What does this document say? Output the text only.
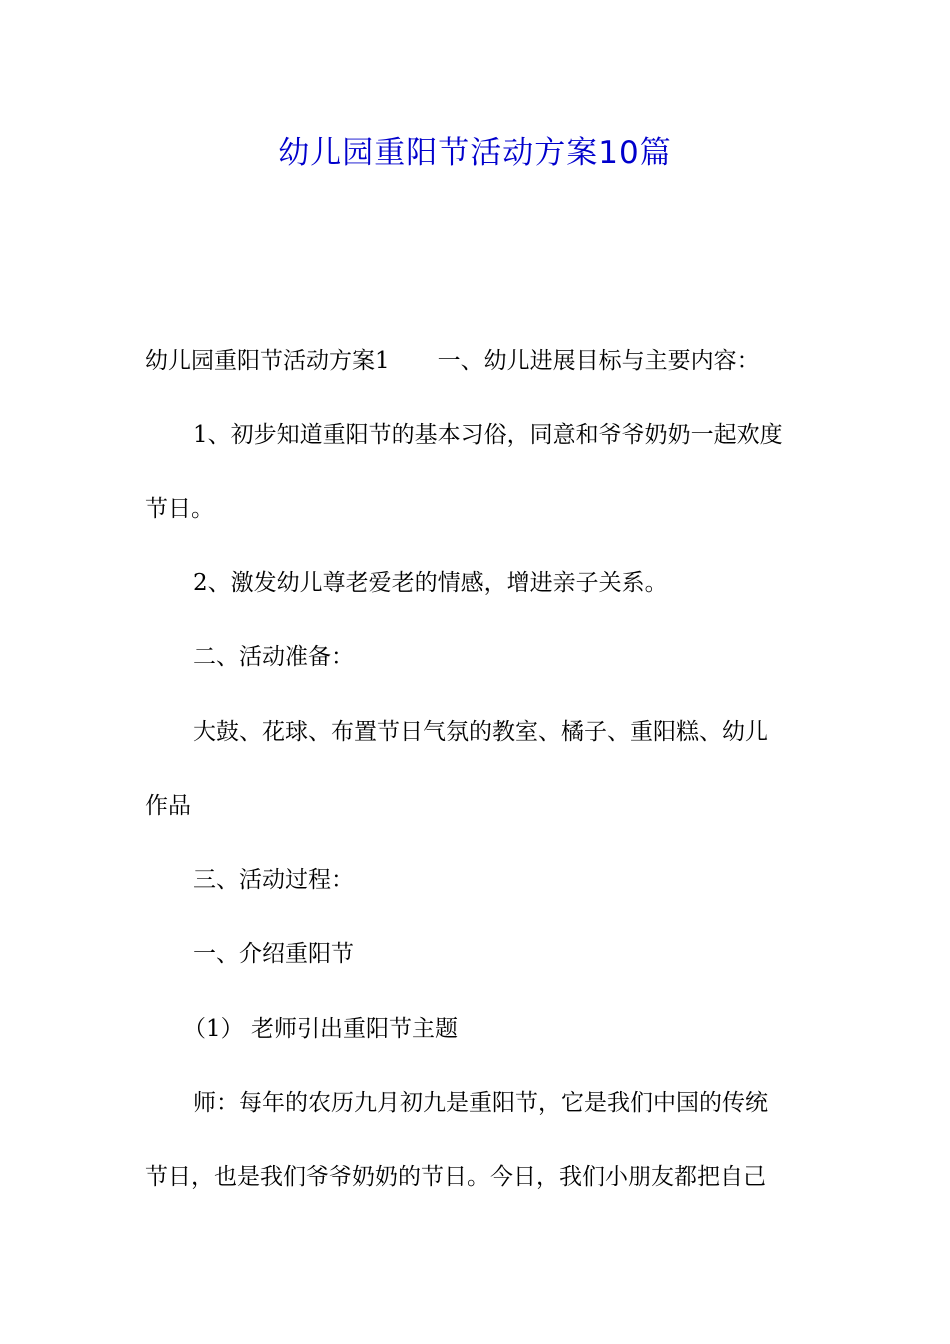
幼儿园重阳节活动方案10篇

幼儿园重阳节活动方案1 一、幼儿进展目标与主要内容：

1、初步知道重阳节的基本习俗，同意和爷爷奶奶一起欢度

节日。

2、激发幼儿尊老爱老的情感，增进亲子关系。

二、活动准备：

大鼓、花球、布置节日气氛的教室、橘子、重阳糕、幼儿

作品

三、活动过程：

一、介绍重阳节

（1） 老师引出重阳节主题

师：每年的农历九月初九是重阳节，它是我们中国的传统

节日，也是我们爷爷奶奶的节日。今日，我们小朋友都把自己
